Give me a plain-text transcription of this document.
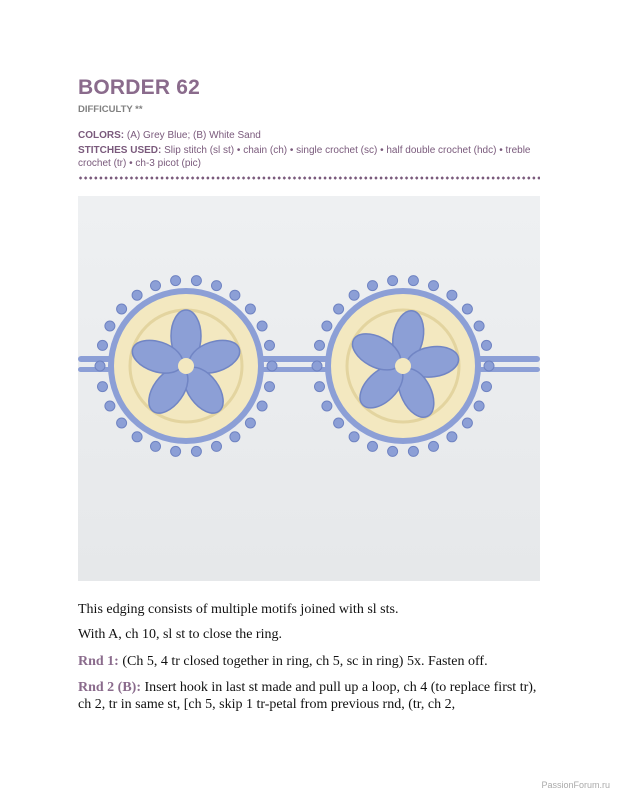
BORDER 62
DIFFICULTY **
COLORS: (A) Grey Blue; (B) White Sand
STITCHES USED: Slip stitch (sl st) • chain (ch) • single crochet (sc) • half double crochet (hdc) • treble crochet (tr) • ch-3 picot (pic)
This edging consists of multiple motifs joined with sl sts.
With A, ch 10, sl st to close the ring.
Rnd 1: (Ch 5, 4 tr closed together in ring, ch 5, sc in ring) 5x. Fasten off.
Rnd 2 (B): Insert hook in last st made and pull up a loop, ch 4 (to replace first tr), ch 2, tr in same st, [ch 5, skip 1 tr-petal from previous rnd, (tr, ch 2,
PassionForum.ru
